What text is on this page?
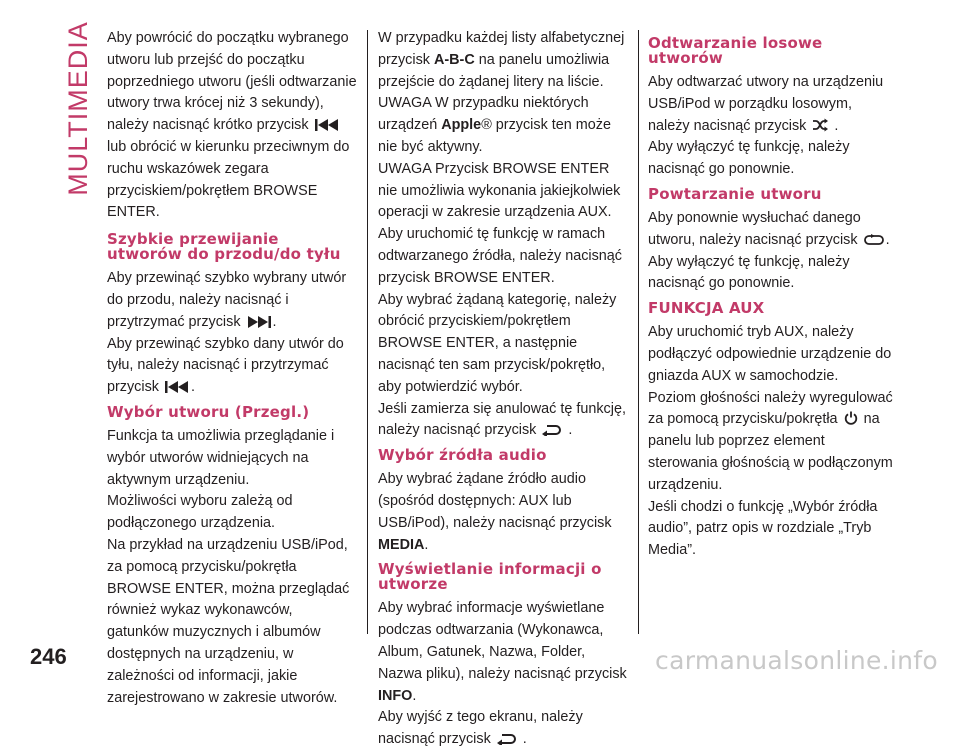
MULTIMEDIA
246	carmanualsonline.info

Aby powrócić do początku wybranego utworu lub przejść do początku poprzedniego utworu (jeśli odtwarzanie utwory trwa krócej niż 3 sekundy), należy nacisnąć krótko przycisk  lub obrócić w kierunku przeciwnym do ruchu wskazówek zegara przyciskiem/pokrętłem BROWSE ENTER.

Szybkie przewijanie utworów do przodu/do tyłu

Aby przewinąć szybko wybrany utwór do przodu, należy nacisnąć i przytrzymać przycisk .

Aby przewinąć szybko dany utwór do tyłu, należy nacisnąć i przytrzymać przycisk .

Wybór utworu (Przegl.)

Funkcja ta umożliwia przeglądanie i wybór utworów widniejących na aktywnym urządzeniu.

Możliwości wyboru zależą od podłączonego urządzenia.

Na przykład na urządzeniu USB/iPod, za pomocą przycisku/pokrętła BROWSE ENTER, można przeglądać również wykaz wykonawców, gatunków muzycznych i albumów dostępnych na urządzeniu, w zależności od informacji, jakie zarejestrowano w zakresie utworów.

W przypadku każdej listy alfabetycznej przycisk A-B-C na panelu umożliwia przejście do żądanej litery na liście.

UWAGA W przypadku niektórych urządzeń Apple® przycisk ten może nie być aktywny.

UWAGA Przycisk BROWSE ENTER nie umożliwia wykonania jakiejkolwiek operacji w zakresie urządzenia AUX.

Aby uruchomić tę funkcję w ramach odtwarzanego źródła, należy nacisnąć przycisk BROWSE ENTER.

Aby wybrać żądaną kategorię, należy obrócić przyciskiem/pokrętłem BROWSE ENTER, a następnie nacisnąć ten sam przycisk/pokrętło, aby potwierdzić wybór.

Jeśli zamierza się anulować tę funkcję, należy nacisnąć przycisk .

Wybór źródła audio

Aby wybrać żądane źródło audio (spośród dostępnych: AUX lub USB/iPod), należy nacisnąć przycisk MEDIA.

Wyświetlanie informacji o utworze

Aby wybrać informacje wyświetlane podczas odtwarzania (Wykonawca, Album, Gatunek, Nazwa, Folder, Nazwa pliku), należy nacisnąć przycisk INFO.

Aby wyjść z tego ekranu, należy nacisnąć przycisk .

Odtwarzanie losowe utworów

Aby odtwarzać utwory na urządzeniu USB/iPod w porządku losowym, należy nacisnąć przycisk .

Aby wyłączyć tę funkcję, należy nacisnąć go ponownie.

Powtarzanie utworu

Aby ponownie wysłuchać danego utworu, należy nacisnąć przycisk .

Aby wyłączyć tę funkcję, należy nacisnąć go ponownie.

FUNKCJA AUX

Aby uruchomić tryb AUX, należy podłączyć odpowiednie urządzenie do gniazda AUX w samochodzie.

Poziom głośności należy wyregulować za pomocą przycisku/pokrętła na panelu lub poprzez element sterowania głośnością w podłączonym urządzeniu.

Jeśli chodzi o funkcję „Wybór źródła audio”, patrz opis w rozdziale „Tryb Media”.
